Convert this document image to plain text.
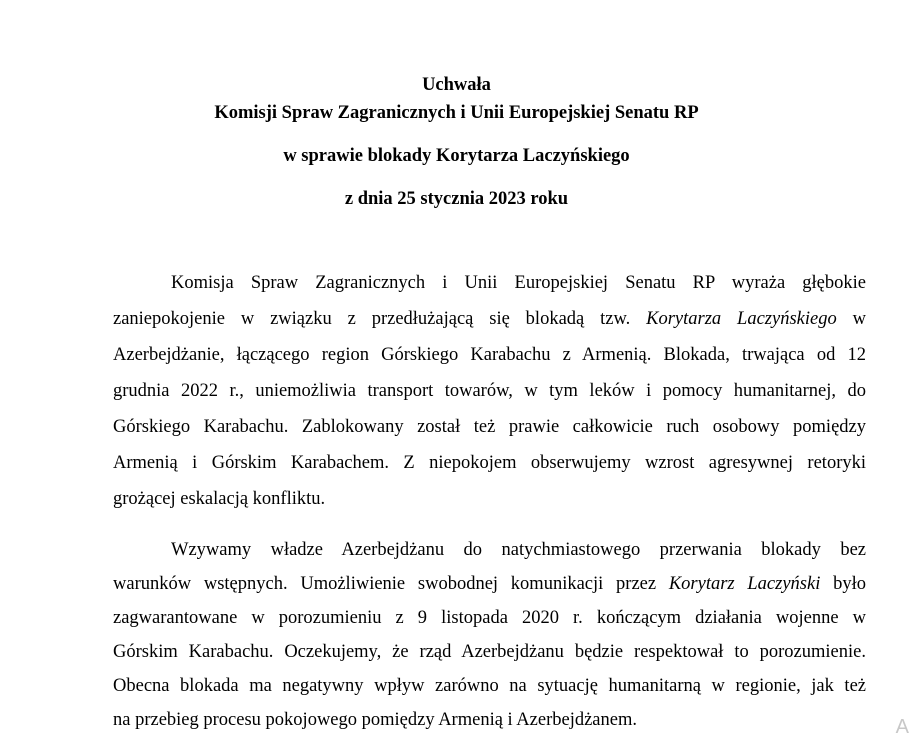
Uchwała
Komisji Spraw Zagranicznych i Unii Europejskiej Senatu RP
w sprawie blokady Korytarza Laczyńskiego
z dnia 25 stycznia 2023 roku
Komisja Spraw Zagranicznych i Unii Europejskiej Senatu RP wyraża głębokie
zaniepokojenie w związku z przedłużającą się blokadą tzw. Korytarza Laczyńskiego w
Azerbejdżanie, łączącego region Górskiego Karabachu z Armenią. Blokada, trwająca od 12
grudnia 2022 r., uniemożliwia transport towarów, w tym leków i pomocy humanitarnej, do
Górskiego Karabachu. Zablokowany został też prawie całkowicie ruch osobowy pomiędzy
Armenią i Górskim Karabachem. Z niepokojem obserwujemy wzrost agresywnej retoryki
grożącej eskalacją konfliktu.
Wzywamy władze Azerbejdżanu do natychmiastowego przerwania blokady bez
warunków wstępnych. Umożliwienie swobodnej komunikacji przez Korytarz Laczyński było
zagwarantowane w porozumieniu z 9 listopada 2020 r. kończącym działania wojenne w
Górskim Karabachu. Oczekujemy, że rząd Azerbejdżanu będzie respektował to porozumienie.
Obecna blokada ma negatywny wpływ zarówno na sytuację humanitarną w regionie, jak też
na przebieg procesu pokojowego pomiędzy Armenią i Azerbejdżanem.	A
